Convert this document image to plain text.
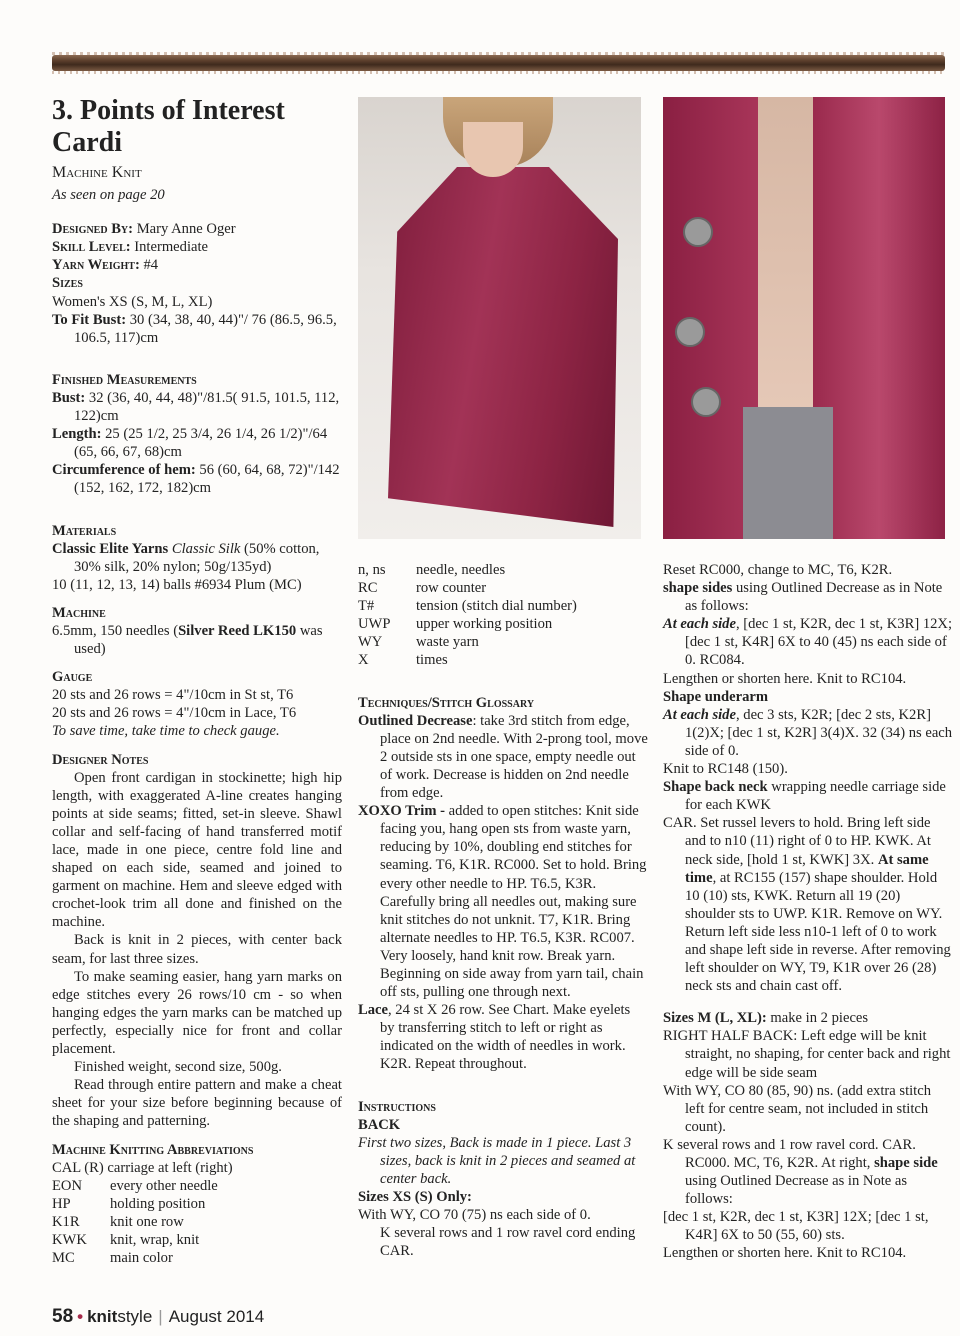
3. Points of Interest
Cardi
Machine Knit
As seen on page 20
Designed By: Mary Anne Oger
Skill Level: Intermediate
Yarn Weight: #4
Sizes
Women's XS (S, M, L, XL)
To Fit Bust: 30 (34, 38, 40, 44)"/ 76 (86.5, 96.5, 106.5, 117)cm
Finished Measurements
Bust: 32 (36, 40, 44, 48)"/81.5( 91.5, 101.5, 112, 122)cm
Length: 25 (25 1/2, 25 3/4, 26 1/4, 26 1/2)"/64 (65, 66, 67, 68)cm
Circumference of hem: 56 (60, 64, 68, 72)"/142 (152, 162, 172, 182)cm
Materials
Classic Elite Yarns Classic Silk (50% cotton, 30% silk, 20% nylon; 50g/135yd)
10 (11, 12, 13, 14) balls #6934 Plum (MC)
Machine
6.5mm, 150 needles (Silver Reed LK150 was used)
Gauge
20 sts and 26 rows = 4"/10cm in St st, T6
20 sts and 26 rows = 4"/10cm in Lace, T6
To save time, take time to check gauge.
Designer Notes
Open front cardigan in stockinette; high hip length, with exaggerated A-line creates hanging points at side seams; fitted, set-in sleeve. Shawl collar and self-facing of hand transferred motif lace, made in one piece, centre fold line and shaped on each side, seamed and joined to garment on machine. Hem and sleeve edged with crochet-look trim all done and finished on the machine.
Back is knit in 2 pieces, with center back seam, for last three sizes.
To make seaming easier, hang yarn marks on edge stitches every 26 rows/10 cm - so when hanging edges the yarn marks can be matched up perfectly, especially nice for front and collar placement.
Finished weight, second size, 500g.
Read through entire pattern and make a cheat sheet for your size before beginning because of the shaping and patterning.
Machine Knitting Abbreviations
CAL (R) carriage at left (right)
EON	every other needle
HP	holding position
K1R	knit one row
KWK	knit, wrap, knit
MC	main color
n, ns	needle, needles
RC	row counter
T#	tension (stitch dial number)
UWP	upper working position
WY	waste yarn
X	times
Techniques/Stitch Glossary
Outlined Decrease: take 3rd stitch from edge, place on 2nd needle. With 2-prong tool, move 2 outside sts in one space, empty needle out of work. Decrease is hidden on 2nd needle from edge.
XOXO Trim - added to open stitches: Knit side facing you, hang open sts from waste yarn, reducing by 10%, doubling end stitches for seaming. T6, K1R. RC000. Set to hold. Bring every other needle to HP. T6.5, K3R. Carefully bring all needles out, making sure knit stitches do not unknit. T7, K1R. Bring alternate needles to HP. T6.5, K3R. RC007. Very loosely, hand knit row. Break yarn. Beginning on side away from yarn tail, chain off sts, pulling one through next.
Lace, 24 st X 26 row. See Chart. Make eyelets by transferring stitch to left or right as indicated on the width of needles in work. K2R. Repeat throughout.
Instructions
BACK
First two sizes, Back is made in 1 piece. Last 3 sizes, back is knit in 2 pieces and seamed at center back.
Sizes XS (S) Only:
With WY, CO 70 (75) ns each side of 0.
K several rows and 1 row ravel cord ending CAR.
Reset RC000, change to MC, T6, K2R.
shape sides using Outlined Decrease as in Note as follows:
At each side, [dec 1 st, K2R, dec 1 st, K3R] 12X; [dec 1 st, K4R] 6X to 40 (45) ns each side of 0. RC084.
Lengthen or shorten here. Knit to RC104.
Shape underarm
At each side, dec 3 sts, K2R; [dec 2 sts, K2R] 1(2)X; [dec 1 st, K2R] 3(4)X. 32 (34) ns each side of 0.
Knit to RC148 (150).
Shape back neck wrapping needle carriage side for each KWK
CAR. Set russel levers to hold. Bring left side and to n10 (11) right of 0 to HP. KWK. At neck side, [hold 1 st, KWK] 3X. At same time, at RC155 (157) shape shoulder. Hold 10 (10) sts, KWK. Return all 19 (20) shoulder sts to UWP. K1R. Remove on WY. Return left side less n10-1 left of 0 to work and shape left side in reverse. After removing left shoulder on WY, T9, K1R over 26 (28) neck sts and chain cast off.
Sizes M (L, XL): make in 2 pieces
RIGHT HALF BACK: Left edge will be knit straight, no shaping, for center back and right edge will be side seam
With WY, CO 80 (85, 90) ns. (add extra stitch left for centre seam, not included in stitch count).
K several rows and 1 row ravel cord. CAR. RC000. MC, T6, K2R. At right, shape side using Outlined Decrease as in Note as follows:
[dec 1 st, K2R, dec 1 st, K3R] 12X; [dec 1 st, K4R] 6X to 50 (55, 60) sts.
Lengthen or shorten here. Knit to RC104.
58 • knitstyle | August 2014
